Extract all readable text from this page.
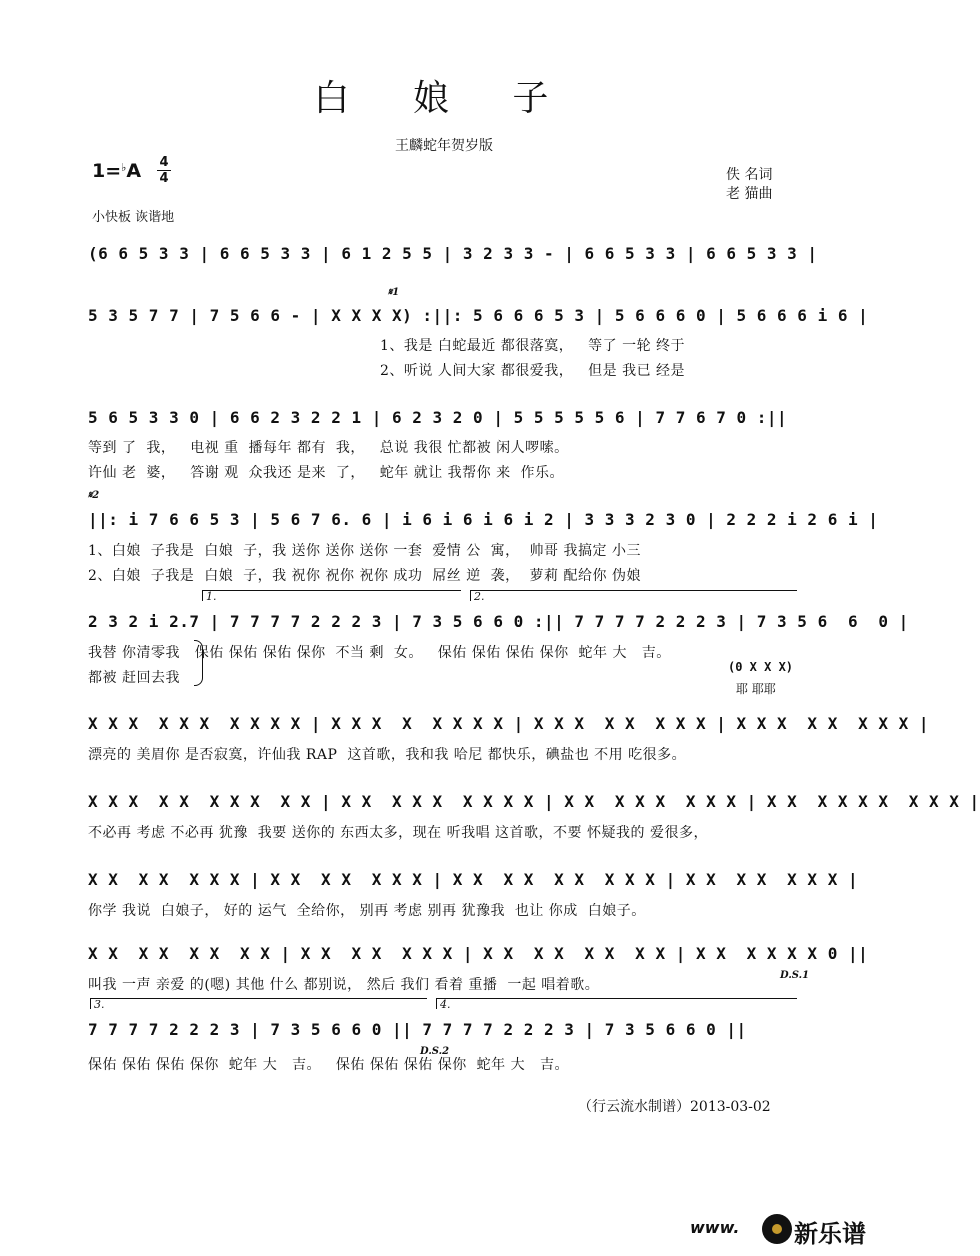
白 娘 子
王麟蛇年贺岁版
1=♭A 4
4	佚 名词
老 猫曲
小快板 诙谐地
(6 6 5 3 3 | 6 6 5 3 3 | 6 1 2 5 5 | 3 2 3 3 - | 6 6 5 3 3 | 6 6 5 3 3 |
𝄋1
5 3 5 7 7 | 7 5 6 6 - | X X X X) :||: 5 6 6 6 5 3 | 5 6 6 6 0 | 5 6 6 6 i 6 |
1、我是 白蛇最近 都很落寞，   等了 一轮 终于
2、听说 人间大家 都很爱我，   但是 我已 经是
5 6 5 3 3 0 | 6 6 2 3 2 2 1 | 6 2 3 2 0 | 5 5 5 5 5 6 | 7 7 6 7 0 :||
等到 了  我，   电视 重  播每年 都有  我，   总说 我很 忙都被 闲人啰嗦。
许仙 老  婆，   答谢 观  众我还 是来  了，   蛇年 就让 我帮你 来  作乐。
𝄋2
||: i 7 6 6 5 3 | 5 6 7 6. 6 | i 6 i 6 i 6 i 2 | 3 3 3 2 3 0 | 2 2 2 i 2 6 i |
1、白娘  子我是  白娘  子，我 送你 送你 送你 一套  爱情 公  寓，  帅哥 我搞定 小三
2、白娘  子我是  白娘  子，我 祝你 祝你 祝你 成功  屌丝 逆  袭，  萝莉 配给你 伪娘
1.	2.
2 3 2 i 2.7 | 7 7 7 7 2 2 2 3 | 7 3 5 6 6 0 :|| 7 7 7 7 2 2 2 3 | 7 3 5 6  6  0 |
我替 你清零我   保佑 保佑 保佑 保你  不当 剩  女。   保佑 保佑 保佑 保你  蛇年 大   吉。
都被 赶回去我
(0 X X X)
耶 耶耶
X X X  X X X  X X X X | X X X  X  X X X X | X X X  X X  X X X | X X X  X X  X X X |
漂亮的 美眉你 是否寂寞，许仙我 RAP  这首歌，我和我 哈尼 都快乐，碘盐也 不用 吃很多。
X X X  X X  X X X  X X | X X  X X X  X X X X | X X  X X X  X X X | X X  X X X X  X X X |
不必再 考虑 不必再 犹豫  我要 送你的 东西太多，现在 听我唱 这首歌，不要 怀疑我的 爱很多，
X X  X X  X X X | X X  X X  X X X | X X  X X  X X  X X X | X X  X X  X X X |
你学 我说  白娘子， 好的 运气  全给你， 别再 考虑 别再 犹豫我  也让 你成  白娘子。
X X  X X  X X  X X | X X  X X  X X X | X X  X X  X X  X X | X X  X X X X 0 ||
叫我 一声 亲爱 的(嗯) 其他 什么 都别说， 然后 我们 看着 重播  一起 唱着歌。
D.S.1
3.	4.
7 7 7 7 2 2 2 3 | 7 3 5 6 6 0 || 7 7 7 7 2 2 2 3 | 7 3 5 6 6 0 ||
D.S.2
保佑 保佑 保佑 保你  蛇年 大   吉。   保佑 保佑 保佑 保你  蛇年 大   吉。
（行云流水制谱）2013-03-02
www. 新乐谱
